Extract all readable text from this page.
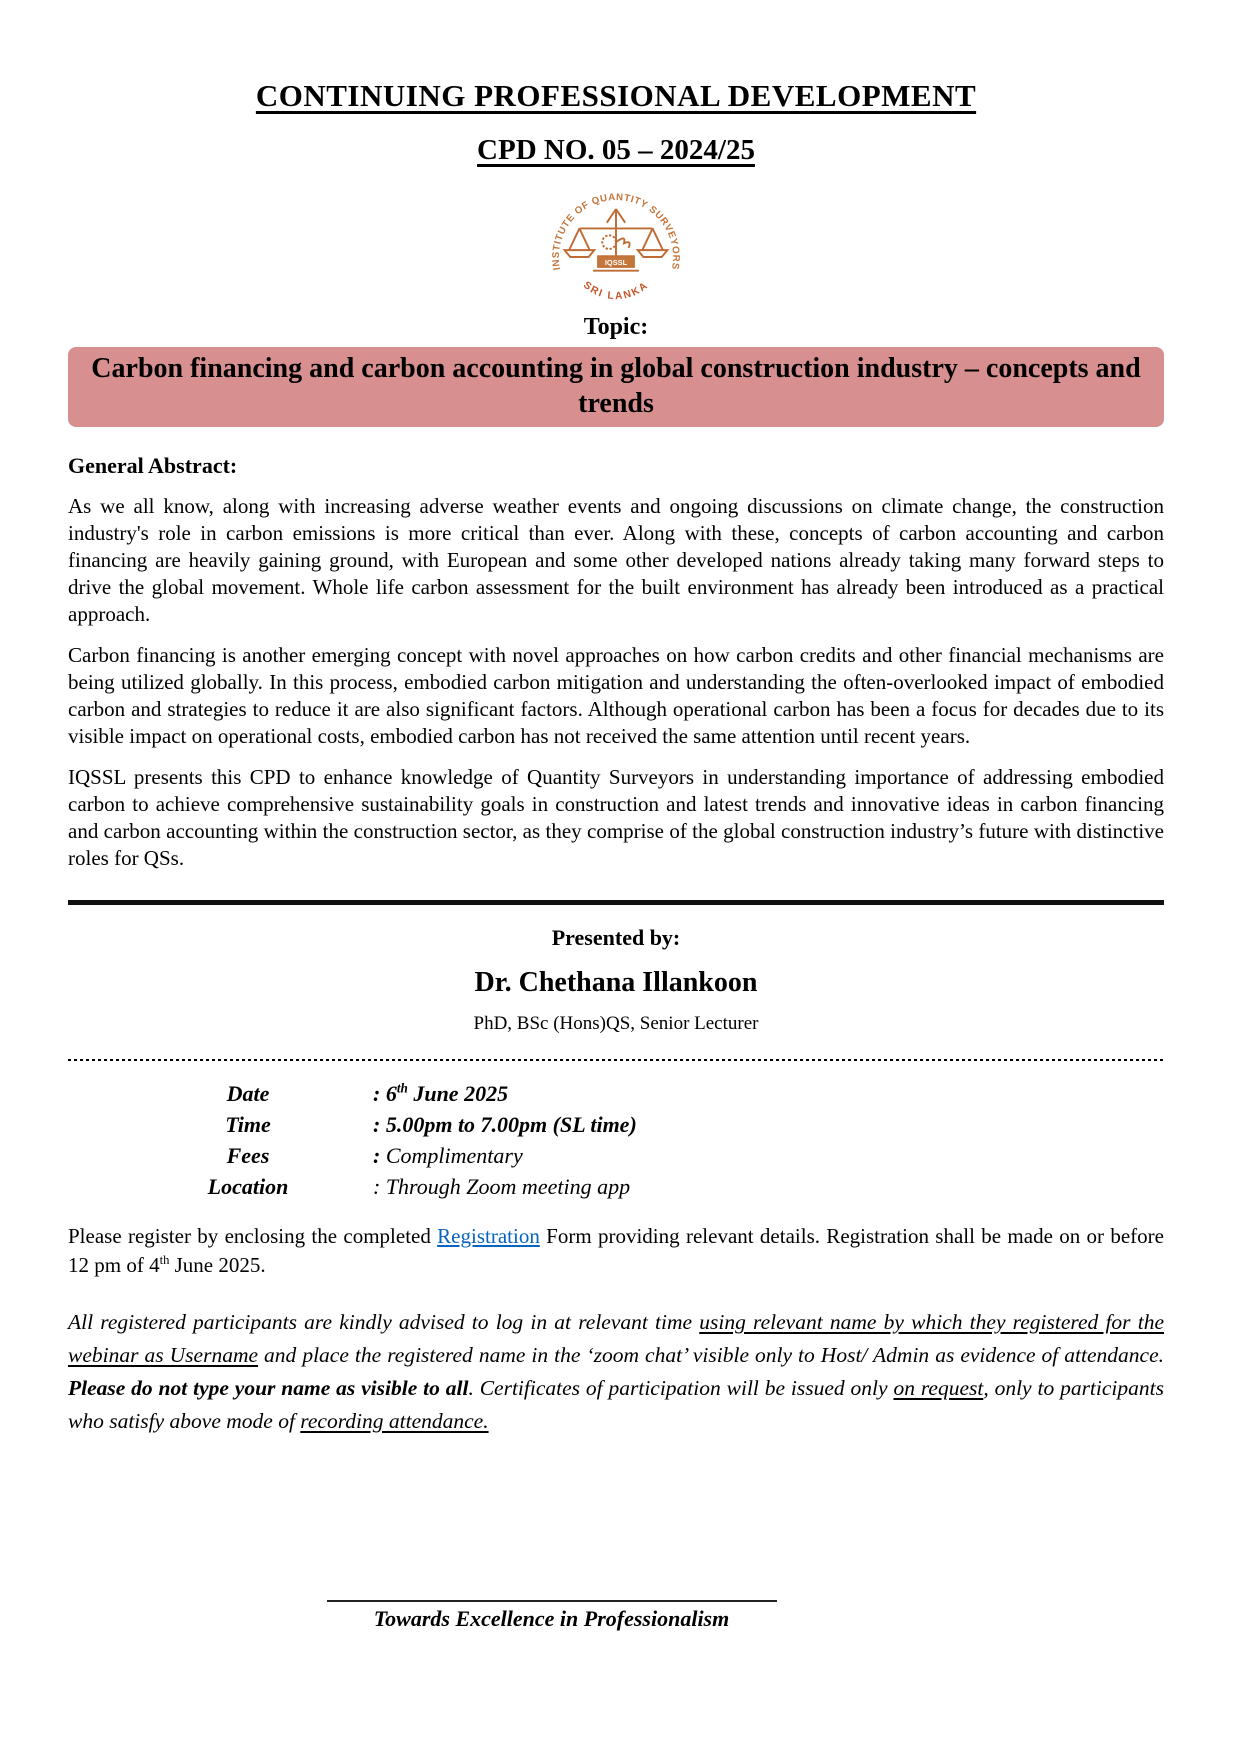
CONTINUING PROFESSIONAL DEVELOPMENT
CPD NO. 05 – 2024/25
INSTITUTE OF QUANTITY SURVEYORS
SRI LANKA
IQSSL
Topic:
Carbon financing and carbon accounting in global construction industry – concepts and trends
General Abstract:

As we all know, along with increasing adverse weather events and ongoing discussions on climate change, the construction industry's role in carbon emissions is more critical than ever. Along with these, concepts of carbon accounting and carbon financing are heavily gaining ground, with European and some other developed nations already taking many forward steps to drive the global movement. Whole life carbon assessment for the built environment has already been introduced as a practical approach.

Carbon financing is another emerging concept with novel approaches on how carbon credits and other financial mechanisms are being utilized globally. In this process, embodied carbon mitigation and understanding the often-overlooked impact of embodied carbon and strategies to reduce it are also significant factors. Although operational carbon has been a focus for decades due to its visible impact on operational costs, embodied carbon has not received the same attention until recent years.

IQSSL presents this CPD to enhance knowledge of Quantity Surveyors in understanding importance of addressing embodied carbon to achieve comprehensive sustainability goals in construction and latest trends and innovative ideas in carbon financing and carbon accounting within the construction sector, as they comprise of the global construction industry’s future with distinctive roles for QSs.

Presented by:
Dr. Chethana Illankoon
PhD, BSc (Hons)QS, Senior Lecturer
Date	: 6th June 2025
Time	: 5.00pm to 7.00pm (SL time)
Fees	: Complimentary
Location	: Through Zoom meeting app

Please register by enclosing the completed Registration Form providing relevant details. Registration shall be made on or before 12 pm of 4th June 2025.

All registered participants are kindly advised to log in at relevant time using relevant name by which they registered for the webinar as Username and place the registered name in the ‘zoom chat’ visible only to Host/ Admin as evidence of attendance. Please do not type your name as visible to all. Certificates of participation will be issued only on request, only to participants who satisfy above mode of recording attendance.

Towards Excellence in Professionalism
